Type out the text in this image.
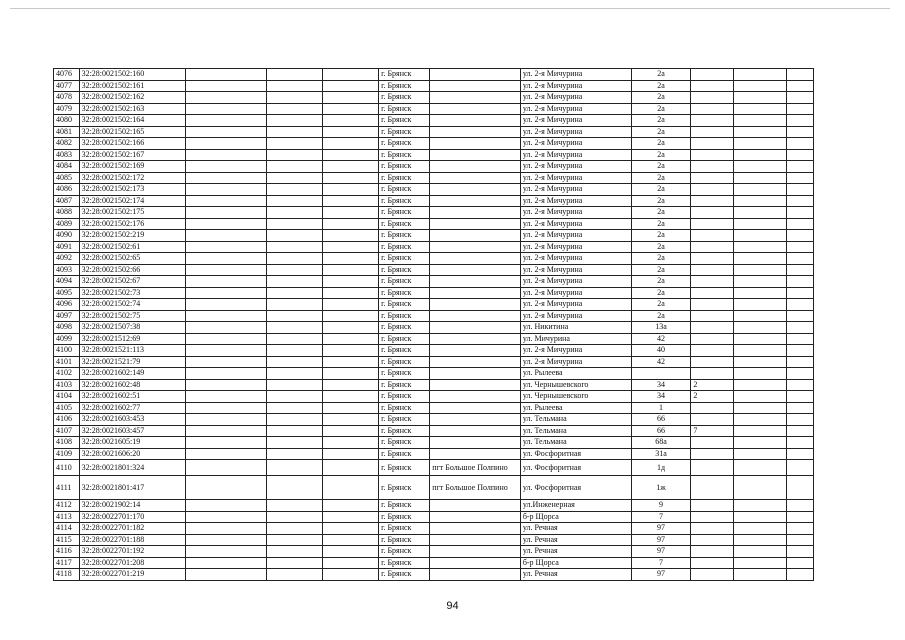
4076	32:28:0021502:160				г. Брянск		ул. 2-я Мичурина	2а			
4077	32:28:0021502:161				г. Брянск		ул. 2-я Мичурина	2а			
4078	32:28:0021502:162				г. Брянск		ул. 2-я Мичурина	2а			
4079	32:28:0021502:163				г. Брянск		ул. 2-я Мичурина	2а			
4080	32:28:0021502:164				г. Брянск		ул. 2-я Мичурина	2а			
4081	32:28:0021502:165				г. Брянск		ул. 2-я Мичурина	2а			
4082	32:28:0021502:166				г. Брянск		ул. 2-я Мичурина	2а			
4083	32:28:0021502:167				г. Брянск		ул. 2-я Мичурина	2а			
4084	32:28:0021502:169				г. Брянск		ул. 2-я Мичурина	2а			
4085	32:28:0021502:172				г. Брянск		ул. 2-я Мичурина	2а			
4086	32:28:0021502:173				г. Брянск		ул. 2-я Мичурина	2а			
4087	32:28:0021502:174				г. Брянск		ул. 2-я Мичурина	2а			
4088	32:28:0021502:175				г. Брянск		ул. 2-я Мичурина	2а			
4089	32:28:0021502:176				г. Брянск		ул. 2-я Мичурина	2а			
4090	32:28:0021502:219				г. Брянск		ул. 2-я Мичурина	2а			
4091	32:28:0021502:61				г. Брянск		ул. 2-я Мичурина	2а			
4092	32:28:0021502:65				г. Брянск		ул. 2-я Мичурина	2а			
4093	32:28:0021502:66				г. Брянск		ул. 2-я Мичурина	2а			
4094	32:28:0021502:67				г. Брянск		ул. 2-я Мичурина	2а			
4095	32:28:0021502:73				г. Брянск		ул. 2-я Мичурина	2а			
4096	32:28:0021502:74				г. Брянск		ул. 2-я Мичурина	2а			
4097	32:28:0021502:75				г. Брянск		ул. 2-я Мичурина	2а			
4098	32:28:0021507:38				г. Брянск		ул. Никитина	13а			
4099	32:28:0021512:69				г. Брянск		ул. Мичурина	42			
4100	32:28:0021521:113				г. Брянск		ул. 2-я Мичурина	40			
4101	32:28:0021521:79				г. Брянск		ул. 2-я Мичурина	42			
4102	32:28:0021602:149				г. Брянск		ул. Рылеева				
4103	32:28:0021602:48				г. Брянск		ул. Чернышевского	34	2		
4104	32:28:0021602:51				г. Брянск		ул. Чернышевского	34	2		
4105	32:28:0021602:77				г. Брянск		ул. Рылеева	1			
4106	32:28:0021603:453				г. Брянск		ул. Тельмана	66			
4107	32:28:0021603:457				г. Брянск		ул. Тельмана	66	7		
4108	32:28:0021605:19				г. Брянск		ул. Тельмана	68а			
4109	32:28:0021606:20				г. Брянск		ул. Фосфоритная	31а			
4110	32:28:0021801:324				г. Брянск	пгт Большое Полпино	ул. Фосфоритная	1д			
4111	32:28:0021801:417				г. Брянск	пгт Большое Полпино	ул. Фосфоритная	1ж			
4112	32:28:0021902:14				г. Брянск		ул.Инженерная	9			
4113	32:28:0022701:170				г. Брянск		б-р Щорса	7			
4114	32:28:0022701:182				г. Брянск		ул. Речная	97			
4115	32:28:0022701:188				г. Брянск		ул. Речная	97			
4116	32:28:0022701:192				г. Брянск		ул. Речная	97			
4117	32:28:0022701:208				г. Брянск		б-р Щорса	7			
4118	32:28:0022701:219				г. Брянск		ул. Речная	97			
94
